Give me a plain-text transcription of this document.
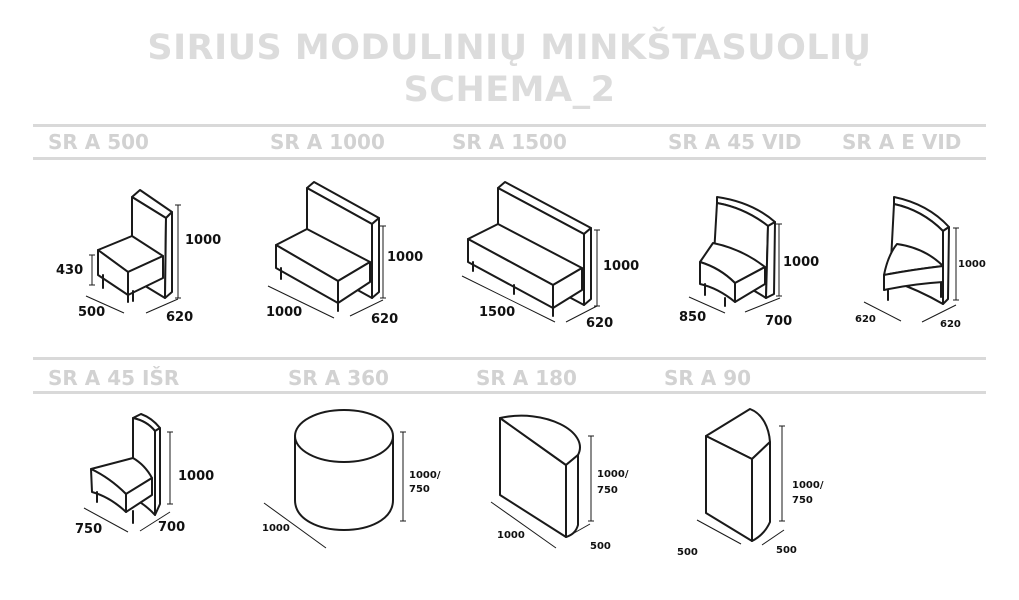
SIRIUS MODULINIŲ MINKŠTASUOLIŲ
SCHEMA_2
SR A 500	SR A 1000	SR A 1500	SR A 45 VID SR A E VID
SR A 45 IŠR	SR A 360	SR A 180	SR A 90
1000
430
500	620
1000
1000	620
1000
1500
620
1000
850	700
1000
620	620
1000
750	700
1000/
750
1000
1000/
750
1000
500
1000/
750
500	500
